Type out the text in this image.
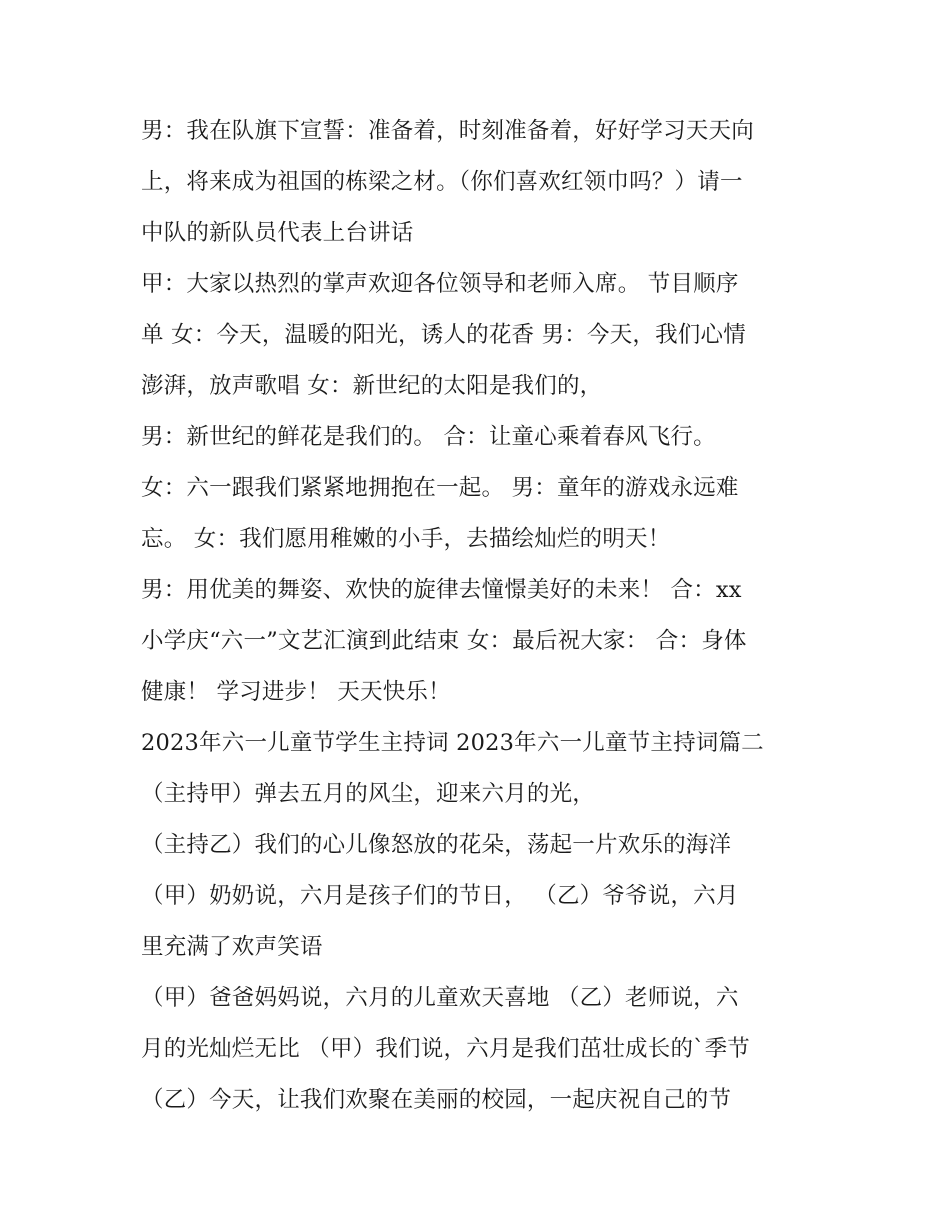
男：我在队旗下宣誓：准备着，时刻准备着，好好学习天天向
上，将来成为祖国的栋梁之材。（你们喜欢红领巾吗？）请一
中队的新队员代表上台讲话
甲：大家以热烈的掌声欢迎各位领导和老师入席。 节目顺序
单 女：今天，温暖的阳光，诱人的花香 男：今天，我们心情
澎湃，放声歌唱 女：新世纪的太阳是我们的，
男：新世纪的鲜花是我们的。 合：让童心乘着春风飞行。
女：六一跟我们紧紧地拥抱在一起。 男：童年的游戏永远难
忘。 女：我们愿用稚嫩的小手，去描绘灿烂的明天！
男：用优美的舞姿、欢快的旋律去憧憬美好的未来！ 合：xx
小学庆“六一”文艺汇演到此结束 女：最后祝大家： 合：身体
健康！ 学习进步！ 天天快乐！
2023年六一儿童节学生主持词 2023年六一儿童节主持词篇二
（主持甲）弹去五月的风尘，迎来六月的光，
（主持乙）我们的心儿像怒放的花朵，荡起一片欢乐的海洋
（甲）奶奶说，六月是孩子们的节日， （乙）爷爷说，六月
里充满了欢声笑语
（甲）爸爸妈妈说，六月的儿童欢天喜地 （乙）老师说，六
月的光灿烂无比 （甲）我们说，六月是我们茁壮成长的`季节
（乙）今天，让我们欢聚在美丽的校园，一起庆祝自己的节
